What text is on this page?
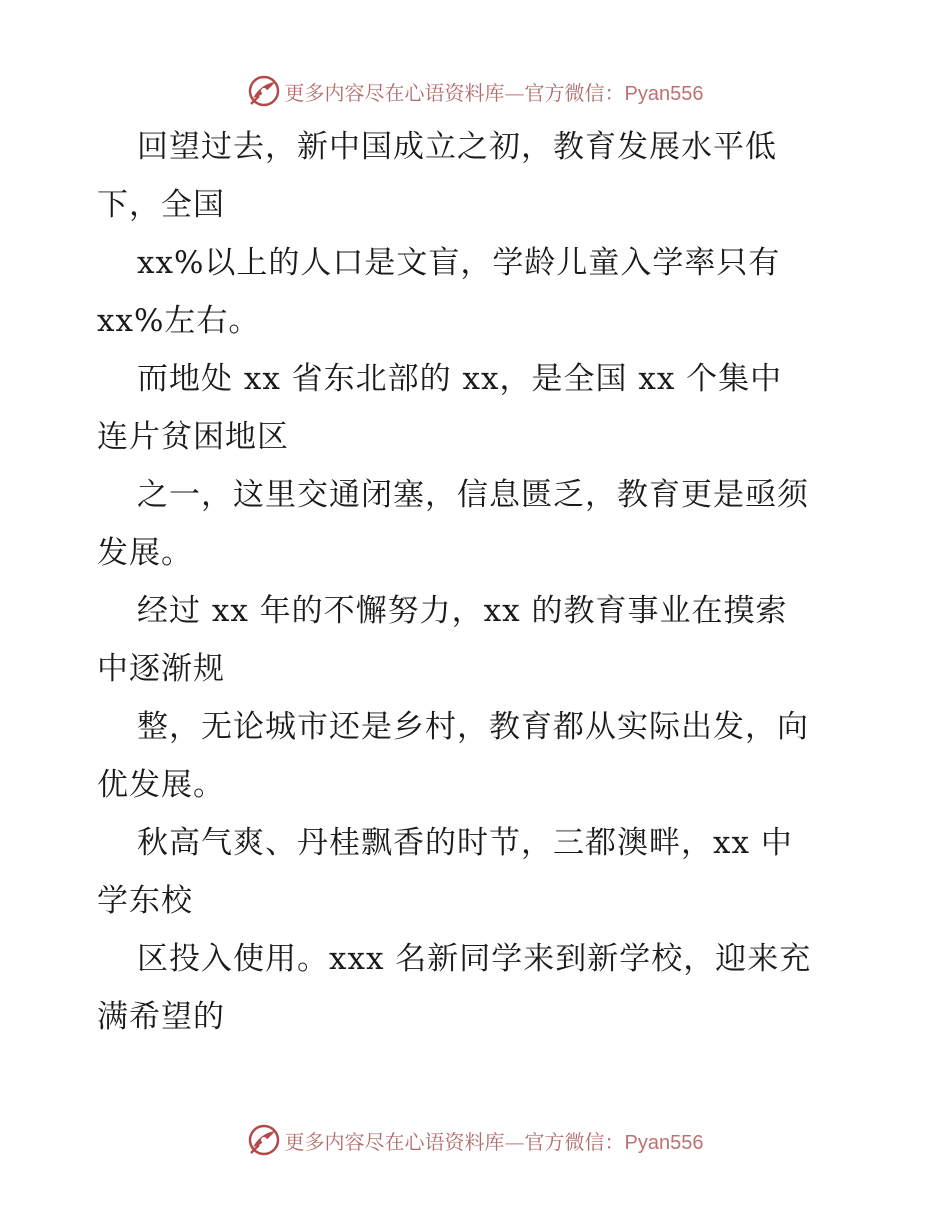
更多内容尽在心语资料库—官方微信：Pyan556
回望过去，新中国成立之初，教育发展水平低
下，全国
xx%以上的人口是文盲，学龄儿童入学率只有
xx%左右。
而地处 xx 省东北部的 xx，是全国 xx 个集中
连片贫困地区
之一，这里交通闭塞，信息匮乏，教育更是亟须
发展。
经过 xx 年的不懈努力，xx 的教育事业在摸索
中逐渐规
整，无论城市还是乡村，教育都从实际出发，向
优发展。
秋高气爽、丹桂飘香的时节，三都澳畔，xx 中
学东校
区投入使用。xxx 名新同学来到新学校，迎来充
满希望的
更多内容尽在心语资料库—官方微信：Pyan556
